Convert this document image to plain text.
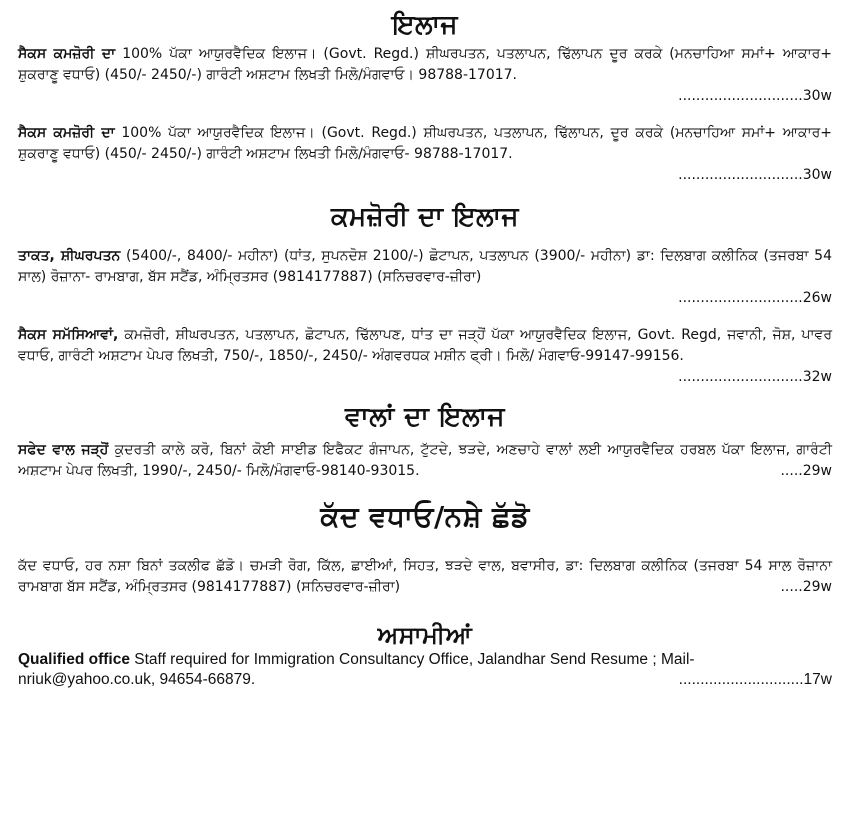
ਇਲਾਜ

ਸੈਕਸ ਕਮਜ਼ੋਰੀ ਦਾ 100% ਪੱਕਾ ਆਯੁਰਵੈਦਿਕ ਇਲਾਜ। (Govt. Regd.) ਸ਼ੀਘਰਪਤਨ, ਪਤਲਾਪਨ, ਢਿੱਲਾਪਨ ਦੂਰ ਕਰਕੇ (ਮਨਚਾਹਿਆ ਸਮਾਂ+ ਆਕਾਰ+ ਸ਼ੁਕਰਾਣੂ ਵਧਾਓ) (450/- 2450/-) ਗਾਰੰਟੀ ਅਸ਼ਟਾਮ ਲਿਖਤੀ ਮਿਲੋ/ਮੰਗਵਾਓ। 98788-17017.
............................30w

ਸੈਕਸ ਕਮਜ਼ੋਰੀ ਦਾ 100% ਪੱਕਾ ਆਯੁਰਵੈਦਿਕ ਇਲਾਜ। (Govt. Regd.) ਸ਼ੀਘਰਪਤਨ, ਪਤਲਾਪਨ, ਢਿੱਲਾਪਨ, ਦੂਰ ਕਰਕੇ (ਮਨਚਾਹਿਆ ਸਮਾਂ+ ਆਕਾਰ+ ਸ਼ੁਕਰਾਣੂ ਵਧਾਓ) (450/- 2450/-) ਗਾਰੰਟੀ ਅਸ਼ਟਾਮ ਲਿਖਤੀ ਮਿਲੋ/ਮੰਗਵਾਓ- 98788-17017.
............................30w

ਕਮਜ਼ੋਰੀ ਦਾ ਇਲਾਜ

ਤਾਕਤ, ਸ਼ੀਘਰਪਤਨ (5400/-, 8400/- ਮਹੀਨਾ) (ਧਾਂਤ, ਸੁਪਨਦੋਸ਼ 2100/-) ਛੋਟਾਪਨ, ਪਤਲਾਪਨ (3900/- ਮਹੀਨਾ) ਡਾ: ਦਿਲਬਾਗ ਕਲੀਨਿਕ (ਤਜਰਬਾ 54 ਸਾਲ) ਰੋਜ਼ਾਨਾ- ਰਾਮਬਾਗ, ਬੱਸ ਸਟੈਂਡ, ਅੰਮ੍ਰਿਤਸਰ (9814177887) (ਸਨਿਚਰਵਾਰ-ਜ਼ੀਰਾ)
............................26w

ਸੈਕਸ ਸਮੱਸਿਆਵਾਂ, ਕਮਜ਼ੋਰੀ, ਸ਼ੀਘਰਪਤਨ, ਪਤਲਾਪਨ, ਛੋਟਾਪਨ, ਢਿੱਲਾਪਣ, ਧਾਂਤ ਦਾ ਜੜ੍ਹੋਂ ਪੱਕਾ ਆਯੁਰਵੈਦਿਕ ਇਲਾਜ, Govt. Regd, ਜਵਾਨੀ, ਜੋਸ਼, ਪਾਵਰ ਵਧਾਓ, ਗਾਰੰਟੀ ਅਸ਼ਟਾਮ ਪੇਪਰ ਲਿਖਤੀ, 750/-, 1850/-, 2450/- ਅੰਗਵਰਧਕ ਮਸ਼ੀਨ ਫ੍ਰੀ। ਮਿਲੋ/ ਮੰਗਵਾਓ-99147-99156.
............................32w

ਵਾਲਾਂ ਦਾ ਇਲਾਜ

ਸਫੇਦ ਵਾਲ ਜੜ੍ਹੋਂ ਕੁਦਰਤੀ ਕਾਲੇ ਕਰੋ, ਬਿਨਾਂ ਕੋਈ ਸਾਈਡ ਇਫੈਕਟ ਗੰਜਾਪਨ, ਟੁੱਟਦੇ, ਝੜਦੇ, ਅਣਚਾਹੇ ਵਾਲਾਂ ਲਈ ਆਯੁਰਵੈਦਿਕ ਹਰਬਲ ਪੱਕਾ ਇਲਾਜ, ਗਾਰੰਟੀ ਅਸ਼ਟਾਮ ਪੇਪਰ ਲਿਖਤੀ, 1990/-, 2450/- ਮਿਲੋ/ਮੰਗਵਾਓ-98140-93015.	.....29w

ਕੱਦ ਵਧਾਓ/ਨਸ਼ੇ ਛੱਡੋ

ਕੱਦ ਵਧਾਓ, ਹਰ ਨਸ਼ਾ ਬਿਨਾਂ ਤਕਲੀਫ ਛੱਡੋ। ਚਮੜੀ ਰੋਗ, ਕਿੱਲ, ਛਾਈਆਂ, ਸਿਹਤ, ਝੜਦੇ ਵਾਲ, ਬਵਾਸੀਰ, ਡਾ: ਦਿਲਬਾਗ ਕਲੀਨਿਕ (ਤਜਰਬਾ 54 ਸਾਲ ਰੋਜ਼ਾਨਾ ਰਾਮਬਾਗ ਬੱਸ ਸਟੈਂਡ, ਅੰਮ੍ਰਿਤਸਰ (9814177887) (ਸਨਿਚਰਵਾਰ-ਜ਼ੀਰਾ)	.....29w

ਅਸਾਮੀਆਂ

Qualified office Staff required for Immigration Consultancy Office, Jalandhar Send Resume ; Mail- nriuk@yahoo.co.uk, 94654-66879.	.............................17w
